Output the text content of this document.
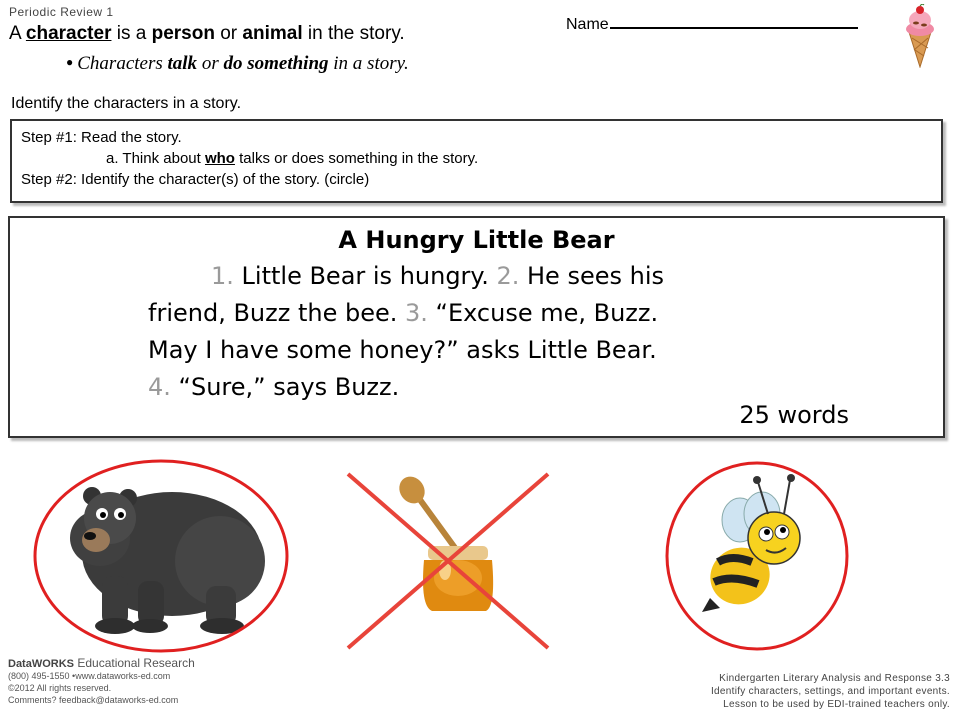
Periodic Review 1
A character is a person or animal in the story.
● Characters talk or do something in a story.
Name
Identify the characters in a story.
Step #1: Read the story.
a. Think about who talks or does something in the story.
Step #2: Identify the character(s) of the story. (circle)
A Hungry Little Bear
1. Little Bear is hungry. 2. He sees his
friend, Buzz the bee. 3. “Excuse me, Buzz.
May I have some honey?” asks Little Bear.
4. “Sure,” says Buzz.
25 words
DataWORKS Educational Research
(800) 495-1550 •www.dataworks-ed.com
©2012 All rights reserved.
Comments? feedback@dataworks-ed.com
Kindergarten Literary Analysis and Response 3.3
Identify characters, settings, and important events.
Lesson to be used by EDI-trained teachers only.
